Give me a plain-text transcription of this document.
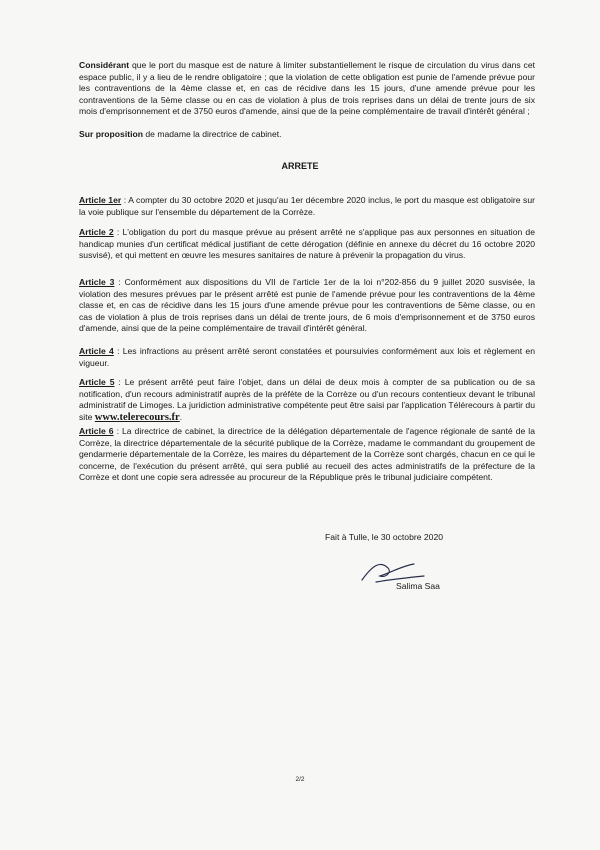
Considérant que le port du masque est de nature à limiter substantiellement le risque de circulation du virus dans cet espace public, il y a lieu de le rendre obligatoire ; que la violation de cette obligation est punie de l'amende prévue pour les contraventions de la 4ème classe et, en cas de récidive dans les 15 jours, d'une amende prévue pour les contraventions de la 5ème classe ou en cas de violation à plus de trois reprises dans un délai de trente jours de six mois d'emprisonnement et de 3750 euros d'amende, ainsi que de la peine complémentaire de travail d'intérêt général ;

Sur proposition de madame la directrice de cabinet.

ARRETE

Article 1er : A compter du 30 octobre 2020 et jusqu'au 1er décembre 2020 inclus, le port du masque est obligatoire sur la voie publique sur l'ensemble du département de la Corrèze.

Article 2 : L'obligation du port du masque prévue au présent arrêté ne s'applique pas aux personnes en situation de handicap munies d'un certificat médical justifiant de cette dérogation (définie en annexe du décret du 16 octobre 2020 susvisé), et qui mettent en œuvre les mesures sanitaires de nature à prévenir la propagation du virus.

Article 3 : Conformément aux dispositions du VII de l'article 1er de la loi n°202-856 du 9 juillet 2020 susvisée, la violation des mesures prévues par le présent arrêté est punie de l'amende prévue pour les contraventions de la 4ème classe et, en cas de récidive dans les 15 jours d'une amende prévue pour les contraventions de 5ème classe, ou en cas de violation à plus de trois reprises dans un délai de trente jours, de 6 mois d'emprisonnement et de 3750 euros d'amende, ainsi que de la peine complémentaire de travail d'intérêt général.

Article 4 : Les infractions au présent arrêté seront constatées et poursuivies conformément aux lois et règlement en vigueur.

Article 5 : Le présent arrêté peut faire l'objet, dans un délai de deux mois à compter de sa publication ou de sa notification, d'un recours administratif auprès de la préfète de la Corrèze ou d'un recours contentieux devant le tribunal administratif de Limoges. La juridiction administrative compétente peut être saisi par l'application Télérecours à partir du site www.telerecours.fr.

Article 6 : La directrice de cabinet, la directrice de la délégation départementale de l'agence régionale de santé de la Corrèze, la directrice départementale de la sécurité publique de la Corrèze, madame le commandant du groupement de gendarmerie départementale de la Corrèze, les maires du département de la Corrèze sont chargés, chacun en ce qui le concerne, de l'exécution du présent arrêté, qui sera publié au recueil des actes administratifs de la préfecture de la Corrèze et dont une copie sera adressée au procureur de la République près le tribunal judiciaire compétent.

Fait à Tulle, le 30 octobre 2020
Salima Saa
2/2
